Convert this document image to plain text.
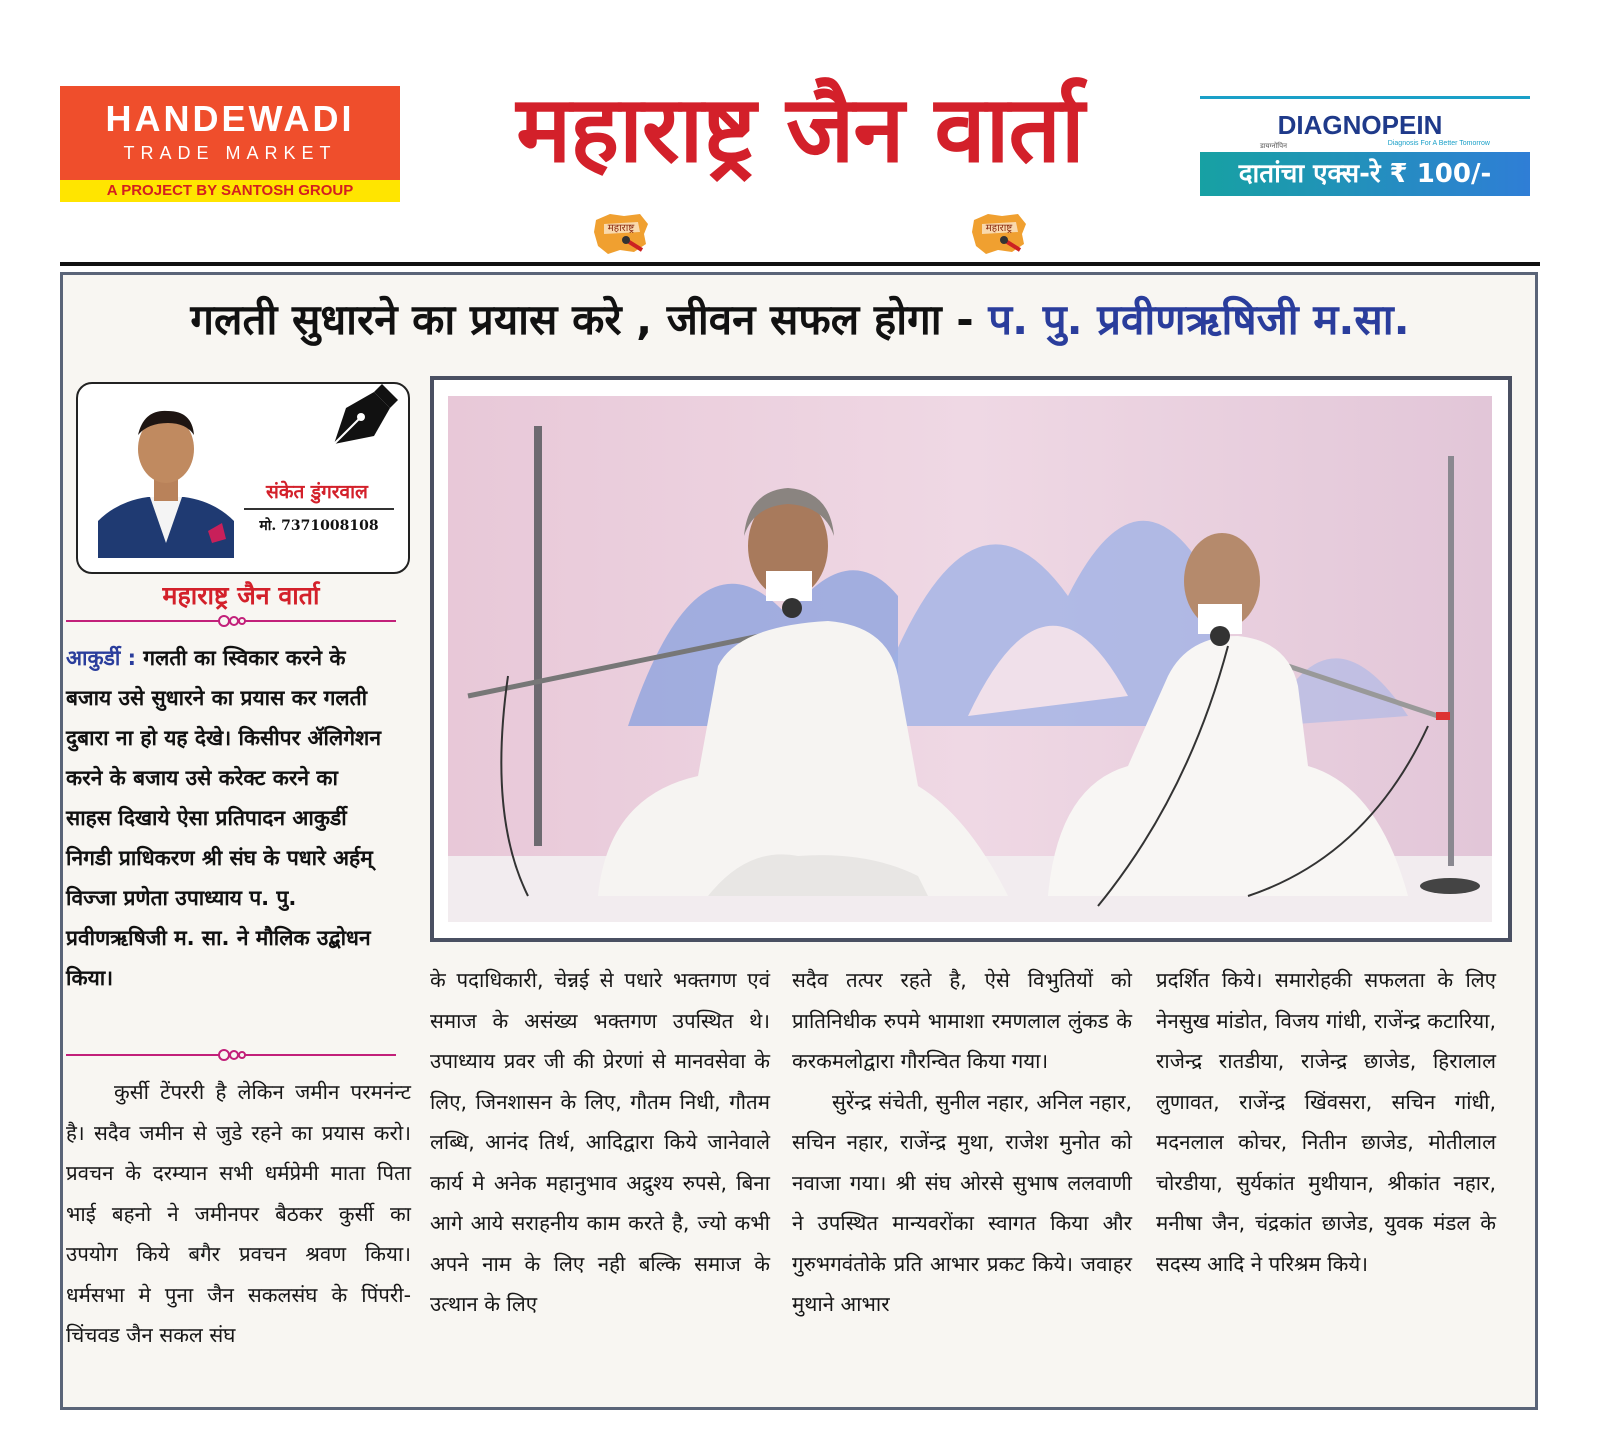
HANDEWADI
TRADE MARKET
A PROJECT BY SANTOSH GROUP
महाराष्ट्र जैन वार्ता
महाराष्ट्र	महाराष्ट्र
DIAGNOPEIN
डायग्नोपिन	Diagnosis For A Better Tomorrow
दातांचा एक्स-रे ₹ 100/-
गलती सुधारने का प्रयास करे , जीवन सफल होगा - प. पु. प्रवीणऋषिजी म.सा.
संकेत डुंगरवाल
मो. 7371008108
महाराष्ट्र जैन वार्ता
आकुर्डी : गलती का स्विकार करने के बजाय उसे सुधारने का प्रयास कर गलती दुबारा ना हो यह देखे। किसीपर ॲलिगेशन करने के बजाय उसे करेक्ट करने का साहस दिखाये ऐसा प्रतिपादन आकुर्डी निगडी प्राधिकरण श्री संघ के पधारे अर्हम् विज्जा प्रणेता उपाध्याय प. पु. प्रवीणऋषिजी म. सा. ने मौलिक उद्बोधन किया।

कुर्सी टेंपररी है लेकिन जमीन परमनंन्ट है। सदैव जमीन से जुडे रहने का प्रयास करो। प्रवचन के दरम्यान सभी धर्मप्रेमी माता पिता भाई बहनो ने जमीनपर बैठकर कुर्सी का उपयोग किये बगैर प्रवचन श्रवण किया। धर्मसभा मे पुना जैन सकलसंघ के पिंपरी- चिंचवड जैन सकल संघ

के पदाधिकारी, चेन्नई से पधारे भक्तगण एवं समाज के असंख्य भक्तगण उपस्थित थे। उपाध्याय प्रवर जी की प्रेरणां से मानवसेवा के लिए, जिनशासन के लिए, गौतम निधी, गौतम लब्धि, आनंद तिर्थ, आदिद्वारा किये जानेवाले कार्य मे अनेक महानुभाव अद्रुश्य रुपसे, बिना आगे आये सराहनीय काम करते है, ज्यो कभी अपने नाम के लिए नही बल्कि समाज के उत्थान के लिए

सदैव तत्पर रहते है, ऐसे विभुतियों को प्रातिनिधीक रुपमे भामाशा रमणलाल लुंकड के करकमलोद्वारा गौरन्वित किया गया।

सुरेंन्द्र संचेती, सुनील नहार, अनिल नहार, सचिन नहार, राजेंन्द्र मुथा, राजेश मुनोत को नवाजा गया। श्री संघ ओरसे सुभाष ललवाणी ने उपस्थित मान्यवरोंका स्वागत किया और गुरुभगवंतोके प्रति आभार प्रकट किये। जवाहर मुथाने आभार

प्रदर्शित किये। समारोहकी सफलता के लिए नेनसुख मांडोत, विजय गांधी, राजेंन्द्र कटारिया, राजेन्द्र रातडीया, राजेन्द्र छाजेड, हिरालाल लुणावत, राजेंन्द्र खिंवसरा, सचिन गांधी, मदनलाल कोचर, नितीन छाजेड, मोतीलाल चोरडीया, सुर्यकांत मुथीयान, श्रीकांत नहार, मनीषा जैन, चंद्रकांत छाजेड, युवक मंडल के सदस्य आदि ने परिश्रम किये।
